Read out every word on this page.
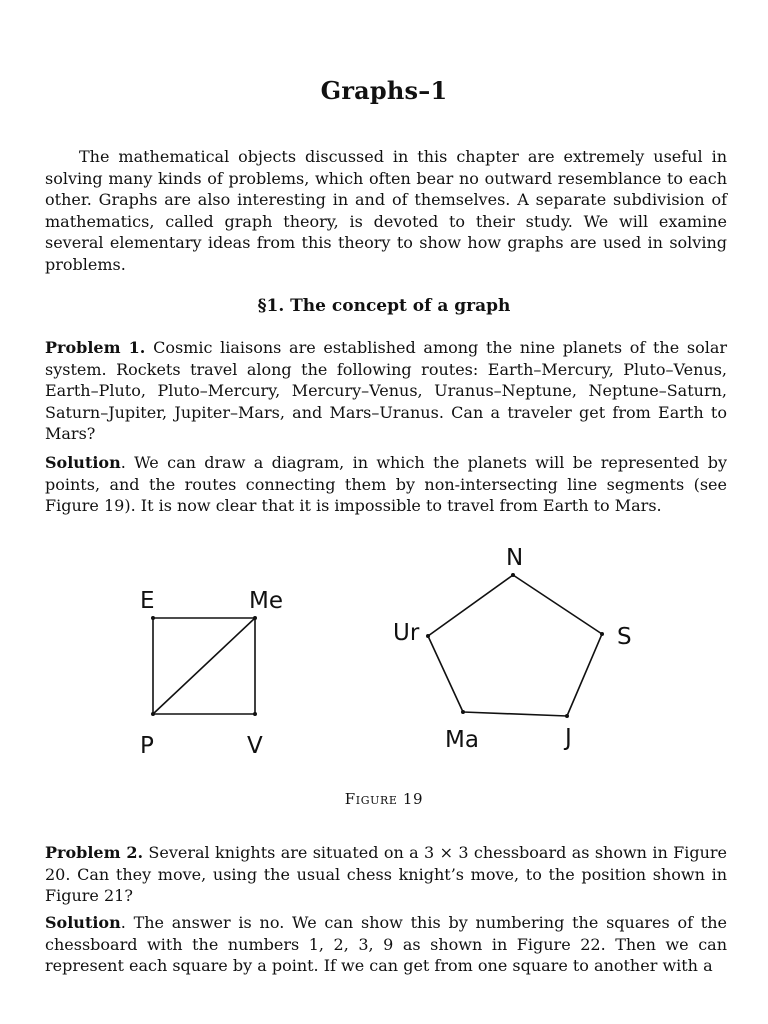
Graphs–1

The mathematical objects discussed in this chapter are extremely useful in solving many kinds of problems, which often bear no outward resemblance to each other. Graphs are also interesting in and of themselves. A separate subdivision of mathematics, called graph theory, is devoted to their study. We will examine several elementary ideas from this theory to show how graphs are used in solving problems.

§1. The concept of a graph

Problem 1. Cosmic liaisons are established among the nine planets of the solar system. Rockets travel along the following routes: Earth–Mercury, Pluto–Venus, Earth–Pluto, Pluto–Mercury, Mercury–Venus, Uranus–Neptune, Neptune–Saturn, Saturn–Jupiter, Jupiter–Mars, and Mars–Uranus. Can a traveler get from Earth to Mars?

Solution. We can draw a diagram, in which the planets will be represented by points, and the routes connecting them by non-intersecting line segments (see Figure 19). It is now clear that it is impossible to travel from Earth to Mars.

E	Me
P	V
N
S
J
Ma
Ur
Figure 19

Problem 2. Several knights are situated on a 3 × 3 chessboard as shown in Figure 20. Can they move, using the usual chess knight’s move, to the position shown in Figure 21?

Solution. The answer is no. We can show this by numbering the squares of the chessboard with the numbers 1, 2, 3, 9 as shown in Figure 22. Then we can represent each square by a point. If we can get from one square to another with a
